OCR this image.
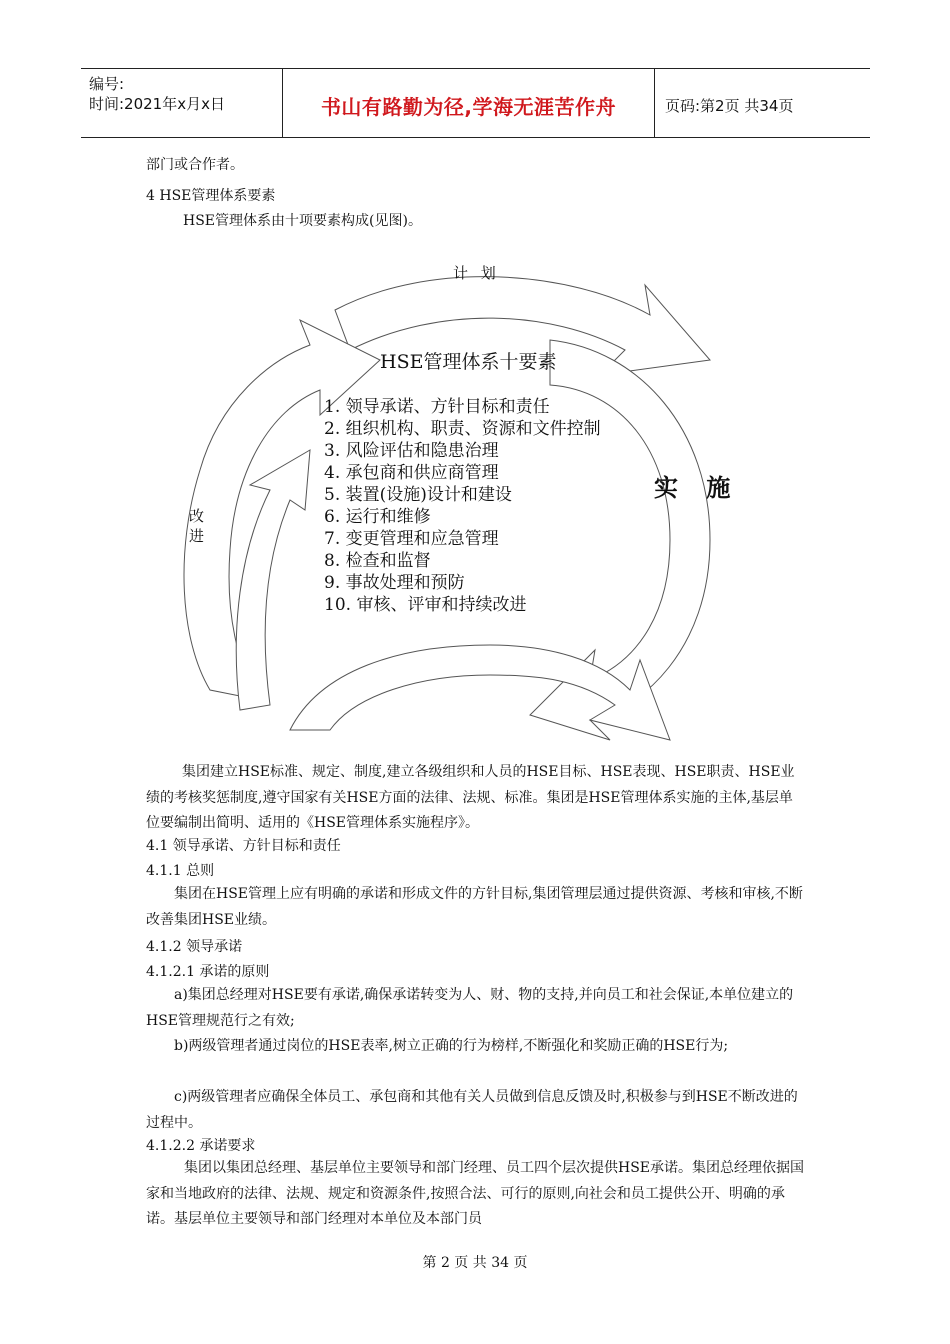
编号:
时间:2021年x月x日	书山有路勤为径,学海无涯苦作舟	页码:第2页 共34页
部门或合作者。
4 HSE管理体系要素
HSE管理体系由十项要素构成(见图)。
计 划
HSE管理体系十要素
1. 领导承诺、方针目标和责任
2. 组织机构、职责、资源和文件控制
3. 风险评估和隐患治理
4. 承包商和供应商管理
5. 装置(设施)设计和建设
6. 运行和维修
7. 变更管理和应急管理
8. 检查和监督
9. 事故处理和预防
10. 审核、评审和持续改进
实 施
改
进
集团建立HSE标准、规定、制度,建立各级组织和人员的HSE目标、HSE表现、HSE职责、HSE业绩的考核奖惩制度,遵守国家有关HSE方面的法律、法规、标准。集团是HSE管理体系实施的主体,基层单位要编制出简明、适用的《HSE管理体系实施程序》。
4.1 领导承诺、方针目标和责任
4.1.1 总则
集团在HSE管理上应有明确的承诺和形成文件的方针目标,集团管理层通过提供资源、考核和审核,不断改善集团HSE业绩。
4.1.2 领导承诺
4.1.2.1 承诺的原则
a)集团总经理对HSE要有承诺,确保承诺转变为人、财、物的支持,并向员工和社会保证,本单位建立的HSE管理规范行之有效;
b)两级管理者通过岗位的HSE表率,树立正确的行为榜样,不断强化和奖励正确的HSE行为;
c)两级管理者应确保全体员工、承包商和其他有关人员做到信息反馈及时,积极参与到HSE不断改进的过程中。
4.1.2.2 承诺要求
集团以集团总经理、基层单位主要领导和部门经理、员工四个层次提供HSE承诺。集团总经理依据国家和当地政府的法律、法规、规定和资源条件,按照合法、可行的原则,向社会和员工提供公开、明确的承诺。基层单位主要领导和部门经理对本单位及本部门员
第 2 页 共 34 页
